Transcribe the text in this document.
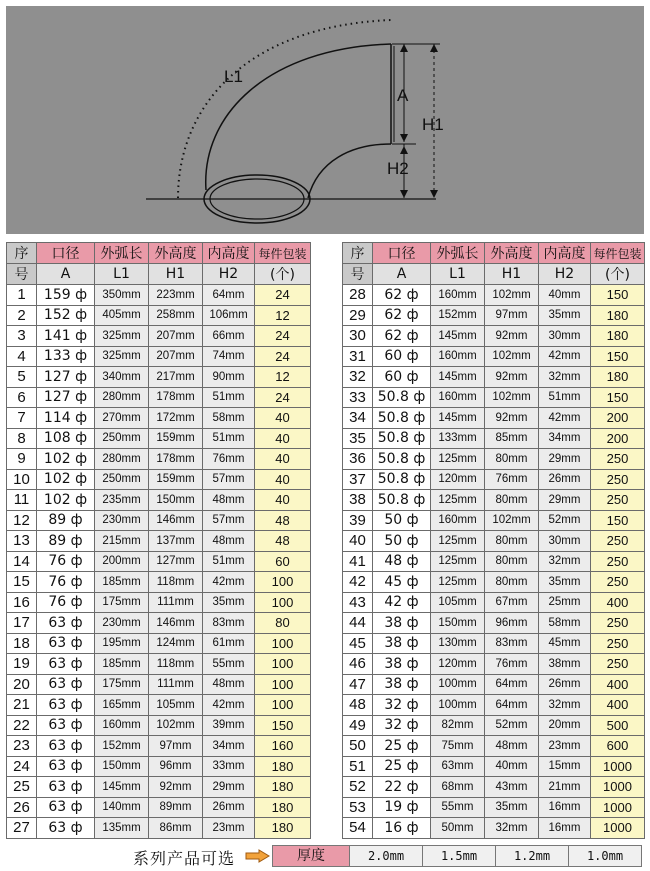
L1
A
H1
H2
序	口径	外弧长	外高度	内高度	每件包装
号	A	L1	H1	H2	(个)
1	159 ф	350mm	223mm	64mm	24
2	152 ф	405mm	258mm	106mm	12
3	141 ф	325mm	207mm	66mm	24
4	133 ф	325mm	207mm	74mm	24
5	127 ф	340mm	217mm	90mm	12
6	127 ф	280mm	178mm	51mm	24
7	114 ф	270mm	172mm	58mm	40
8	108 ф	250mm	159mm	51mm	40
9	102 ф	280mm	178mm	76mm	40
10	102 ф	250mm	159mm	57mm	40
11	102 ф	235mm	150mm	48mm	40
12	89 ф	230mm	146mm	57mm	48
13	89 ф	215mm	137mm	48mm	48
14	76 ф	200mm	127mm	51mm	60
15	76 ф	185mm	118mm	42mm	100
16	76 ф	175mm	111mm	35mm	100
17	63 ф	230mm	146mm	83mm	80
18	63 ф	195mm	124mm	61mm	100
19	63 ф	185mm	118mm	55mm	100
20	63 ф	175mm	111mm	48mm	100
21	63 ф	165mm	105mm	42mm	100
22	63 ф	160mm	102mm	39mm	150
23	63 ф	152mm	97mm	34mm	160
24	63 ф	150mm	96mm	33mm	180
25	63 ф	145mm	92mm	29mm	180
26	63 ф	140mm	89mm	26mm	180
27	63 ф	135mm	86mm	23mm	180
序	口径	外弧长	外高度	内高度	每件包装
号	A	L1	H1	H2	(个)
28	62 ф	160mm	102mm	40mm	150
29	62 ф	152mm	97mm	35mm	180
30	62 ф	145mm	92mm	30mm	180
31	60 ф	160mm	102mm	42mm	150
32	60 ф	145mm	92mm	32mm	180
33	50.8 ф	160mm	102mm	51mm	150
34	50.8 ф	145mm	92mm	42mm	200
35	50.8 ф	133mm	85mm	34mm	200
36	50.8 ф	125mm	80mm	29mm	250
37	50.8 ф	120mm	76mm	26mm	250
38	50.8 ф	125mm	80mm	29mm	250
39	50 ф	160mm	102mm	52mm	150
40	50 ф	125mm	80mm	30mm	250
41	48 ф	125mm	80mm	32mm	250
42	45 ф	125mm	80mm	35mm	250
43	42 ф	105mm	67mm	25mm	400
44	38 ф	150mm	96mm	58mm	250
45	38 ф	130mm	83mm	45mm	250
46	38 ф	120mm	76mm	38mm	250
47	38 ф	100mm	64mm	26mm	400
48	32 ф	100mm	64mm	32mm	400
49	32 ф	82mm	52mm	20mm	500
50	25 ф	75mm	48mm	23mm	600
51	25 ф	63mm	40mm	15mm	1000
52	22 ф	68mm	43mm	21mm	1000
53	19 ф	55mm	35mm	16mm	1000
54	16 ф	50mm	32mm	16mm	1000
系列产品可选	厚度	2.0mm	1.5mm	1.2mm	1.0mm
